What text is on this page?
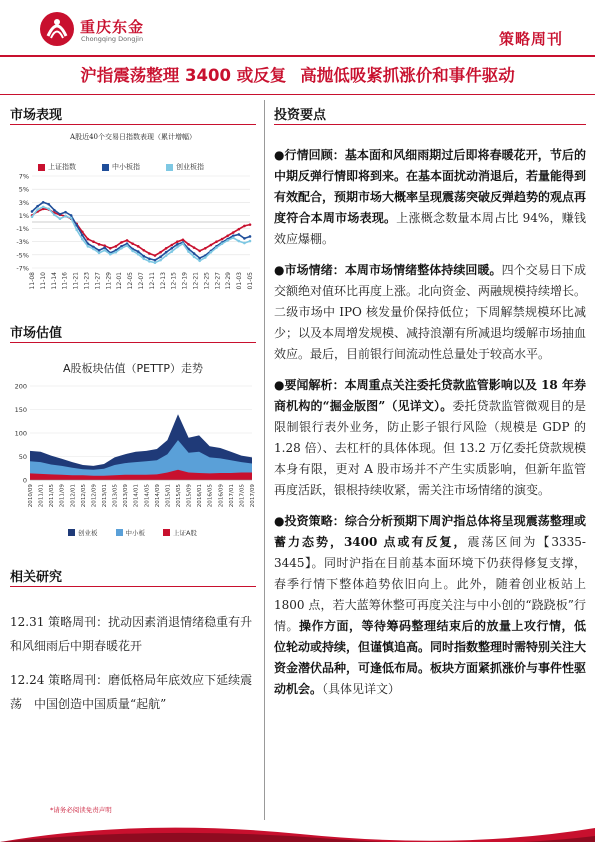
重庆东金
Chongqing Dongjin	策略周刊
沪指震荡整理 3400 或反复 高抛低吸紧抓涨价和事件驱动
市场表现
A股近40个交易日指数表现（累计增幅）
上证指数	中小板指	创业板指
7%
5%
3%
1%
-1%
-3%
-5%
-7%
11-08 11-10 11-14 11-16 11-21 11-23 11-27 11-29 12-01 12-05 12-07 12-11 12-13 12-15 12-19 12-21 12-25 12-27 12-29 01-03 01-05
市场估值
A股板块估值（PETTP）走势
200
150
100
50
0
2010/09 2011/01 2011/05 2011/09 2012/01 2012/05 2012/09 2013/01 2013/05 2013/09 2014/01 2014/05 2014/09 2015/01 2015/05 2015/09 2016/01 2016/05 2016/09 2017/01 2017/05 2017/09
创业板	中小板	上证A股
相关研究

12.31 策略周刊：扰动因素消退情绪稳重有升　和风细雨后中期春暖花开

12.24 策略周刊：磨低格局年底效应下延续震荡　中国创造中国质量“起航”

*请务必阅读免责声明
投资要点

●行情回顾：基本面和风细雨期过后即将春暖花开，节后的中期反弹行情即将到来。在基本面扰动消退后，若量能得到有效配合，预期市场大概率呈现震荡突破反弹趋势的观点再度符合本周市场表现。上涨概念数量本周占比 94%，赚钱效应爆棚。

●市场情绪：本周市场情绪整体持续回暖。四个交易日下成交额绝对值环比再度上涨。北向资金、两融规模持续增长。二级市场中 IPO 核发量价保持低位；下周解禁规模环比减少；以及本周增发规模、减持浪潮有所减退均缓解市场抽血效应。最后，目前银行间流动性总量处于较高水平。

●要闻解析：本周重点关注委托贷款监管影响以及 18 年券商机构的“掘金版图”（见详文）。委托贷款监管微观目的是限制银行表外业务，防止影子银行风险（规模是 GDP 的 1.28 倍）、去杠杆的具体体现。但 13.2 万亿委托贷款规模本身有限，更对 A 股市场并不产生实质影响，但新年监管再度活跃，银根持续收紧，需关注市场情绪的演变。

●投资策略：综合分析预期下周沪指总体将呈现震荡整理或蓄力态势，3400 点或有反复，震荡区间为【3335-3445】。同时沪指在目前基本面环境下仍获得修复支撑，春季行情下整体趋势依旧向上。此外，随着创业板站上 1800 点，若大蓝筹休整可再度关注与中小创的“跷跷板”行情。操作方面，等待筹码整理结束后的放量上攻行情，低位轮动或持续，但谨慎追高。同时指数整理时需特别关注大资金潜伏品种，可逢低布局。板块方面紧抓涨价与事件性驱动机会。（具体见详文）
